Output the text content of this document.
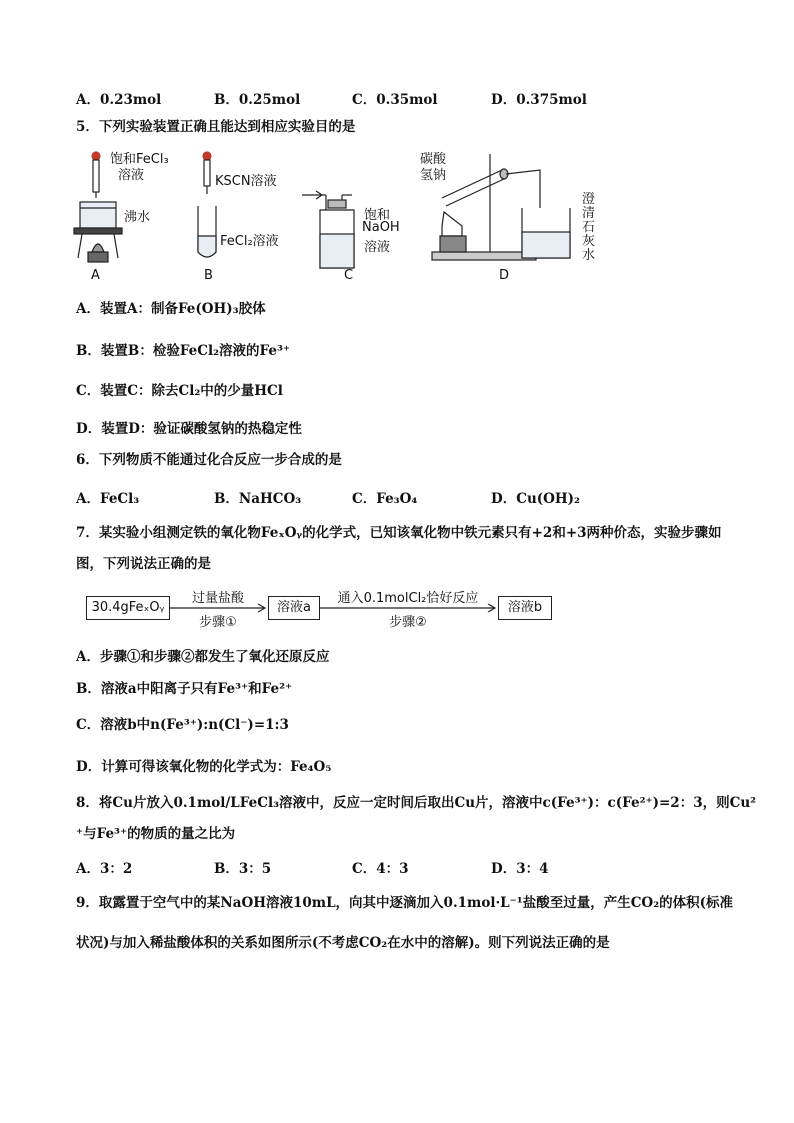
A．0.23mol	B．0.25mol	C．0.35mol	D．0.375mol
5．下列实验装置正确且能达到相应实验目的是
饱和FeCl₃
溶液
沸水
KSCN溶液
FeCl₂溶液
饱和
NaOH
溶液
碳酸
氢钠
澄
清
石
灰
水
A	B	C	D
A．装置A：制备Fe(OH)₃胶体
B．装置B：检验FeCl₂溶液的Fe³⁺
C．装置C：除去Cl₂中的少量HCl
D．装置D：验证碳酸氢钠的热稳定性
6．下列物质不能通过化合反应一步合成的是
A．FeCl₃	B．NaHCO₃	C．Fe₃O₄	D．Cu(OH)₂
7．某实验小组测定铁的氧化物FeₓOᵧ的化学式，已知该氧化物中铁元素只有+2和+3两种价态，实验步骤如
图，下列说法正确的是
30.4gFeₓOᵧ
过量盐酸
步骤①
溶液a
通入0.1molCl₂恰好反应
步骤②
溶液b
A．步骤①和步骤②都发生了氧化还原反应
B．溶液a中阳离子只有Fe³⁺和Fe²⁺
C．溶液b中n(Fe³⁺):n(Cl⁻)=1:3
D．计算可得该氧化物的化学式为：Fe₄O₅
8．将Cu片放入0.1mol/LFeCl₃溶液中，反应一定时间后取出Cu片，溶液中c(Fe³⁺)：c(Fe²⁺)=2：3，则Cu²
⁺与Fe³⁺的物质的量之比为
A．3：2	B．3：5	C．4：3	D．3：4
9．取露置于空气中的某NaOH溶液10mL，向其中逐滴加入0.1mol·L⁻¹盐酸至过量，产生CO₂的体积(标准
状况)与加入稀盐酸体积的关系如图所示(不考虑CO₂在水中的溶解)。则下列说法正确的是
